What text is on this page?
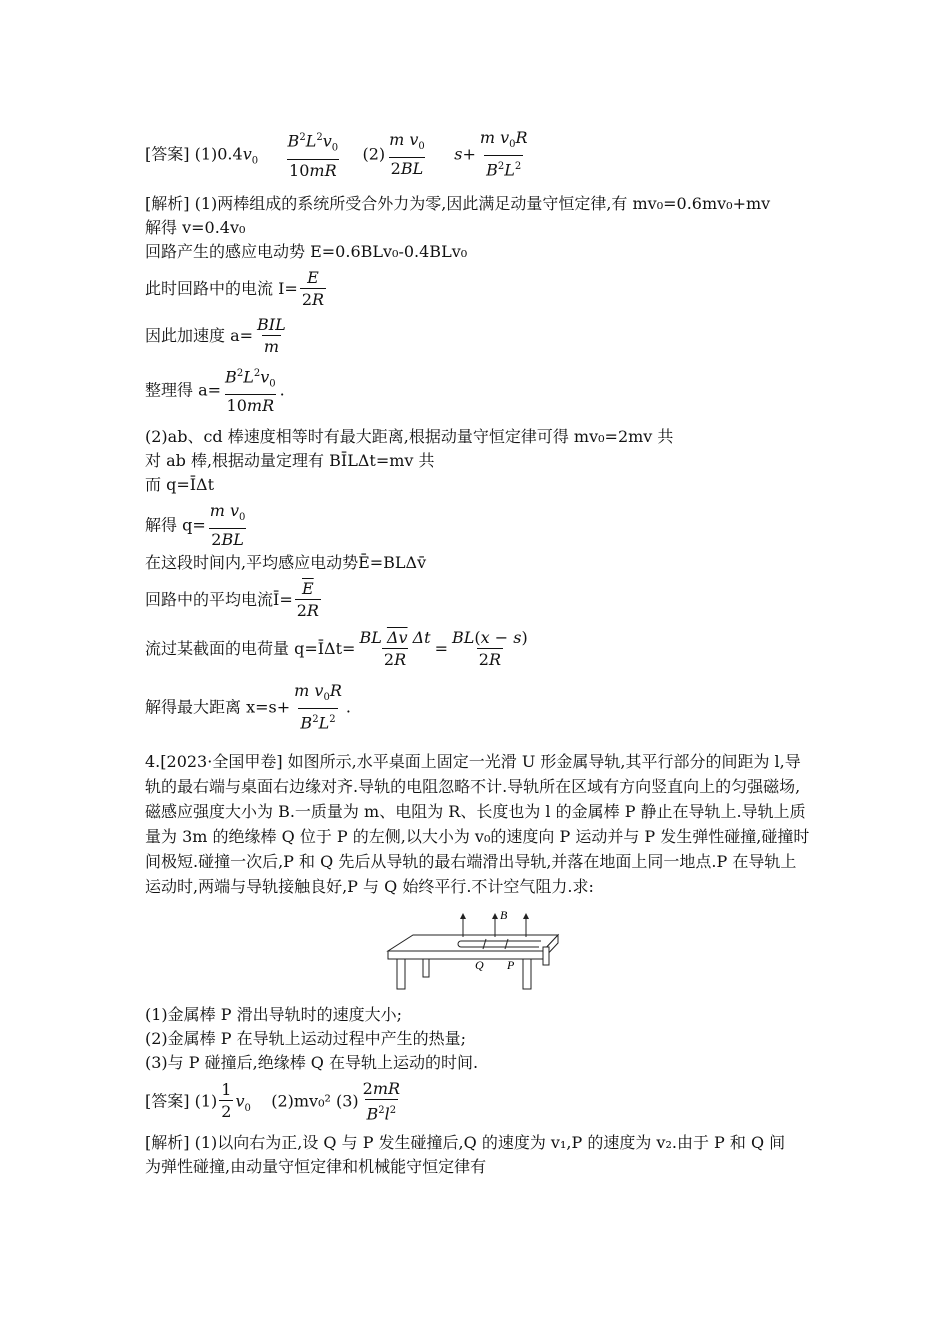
[答案] $(1)0.4v_0 \frac{B^2L^2v_0}{10mR} (2) \frac{m v_0}{2BL} s+ \frac{m v_0R}{B^2L^2}$
[解析] (1)两棒组成的系统所受合外力为零,因此满足动量守恒定律,有 mv₀=0.6mv₀+mv
解得 v=0.4v₀
回路产生的感应电动势 E=0.6BLv₀-0.4BLv₀
此时回路中的电流 $I= \frac{E}{2R}$
因此加速度 $a= \frac{\text{BIL}}{m}$
整理得 $a= \frac{B^2L^2v_0}{10mR}$ .
(2)ab、cd 棒速度相等时有最大距离,根据动量守恒定律可得 mv₀=2mv 共
对 ab 棒,根据动量定理有 BĪLΔt=mv 共
而 q=ĪΔt
解得 $q= \frac{m v_0}{2BL}$
在这段时间内,平均感应电动势Ē=BLΔv̄
回路中的平均电流Ī= $\frac{\overline{E}}{2R}$
流过某截面的电荷量 q=ĪΔt= $\frac{BL \overline{\Delta v} \Delta t}{2R} = \frac{BL(x - s)}{2R}$
解得最大距离 $x=s+ \frac{m v_0R}{B^2L^2}$ .
4.[2023·全国甲卷] 如图所示,水平桌面上固定一光滑 U 形金属导轨,其平行部分的间距为 l,导轨的最右端与桌面右边缘对齐.导轨的电阻忽略不计.导轨所在区域有方向竖直向上的匀强磁场,磁感应强度大小为 B.一质量为 m、电阻为 R、长度也为 l 的金属棒 P 静止在导轨上.导轨上质量为 3m 的绝缘棒 Q 位于 P 的左侧,以大小为 v₀的速度向 P 运动并与 P 发生弹性碰撞,碰撞时间极短.碰撞一次后,P 和 Q 先后从导轨的最右端滑出导轨,并落在地面上同一地点.P 在导轨上运动时,两端与导轨接触良好,P 与 Q 始终平行.不计空气阻力.求:
B
Q P
(1)金属棒 P 滑出导轨时的速度大小;
(2)金属棒 P 在导轨上运动过程中产生的热量;
(3)与 P 碰撞后,绝缘棒 Q 在导轨上运动的时间.
[答案] $(1) \frac{1}{2} v_0$ (2)mv₀² $(3) \frac{2mR}{B^2l^2}$
[解析] (1)以向右为正,设 Q 与 P 发生碰撞后,Q 的速度为 v₁,P 的速度为 v₂.由于 P 和 Q 间
为弹性碰撞,由动量守恒定律和机械能守恒定律有
